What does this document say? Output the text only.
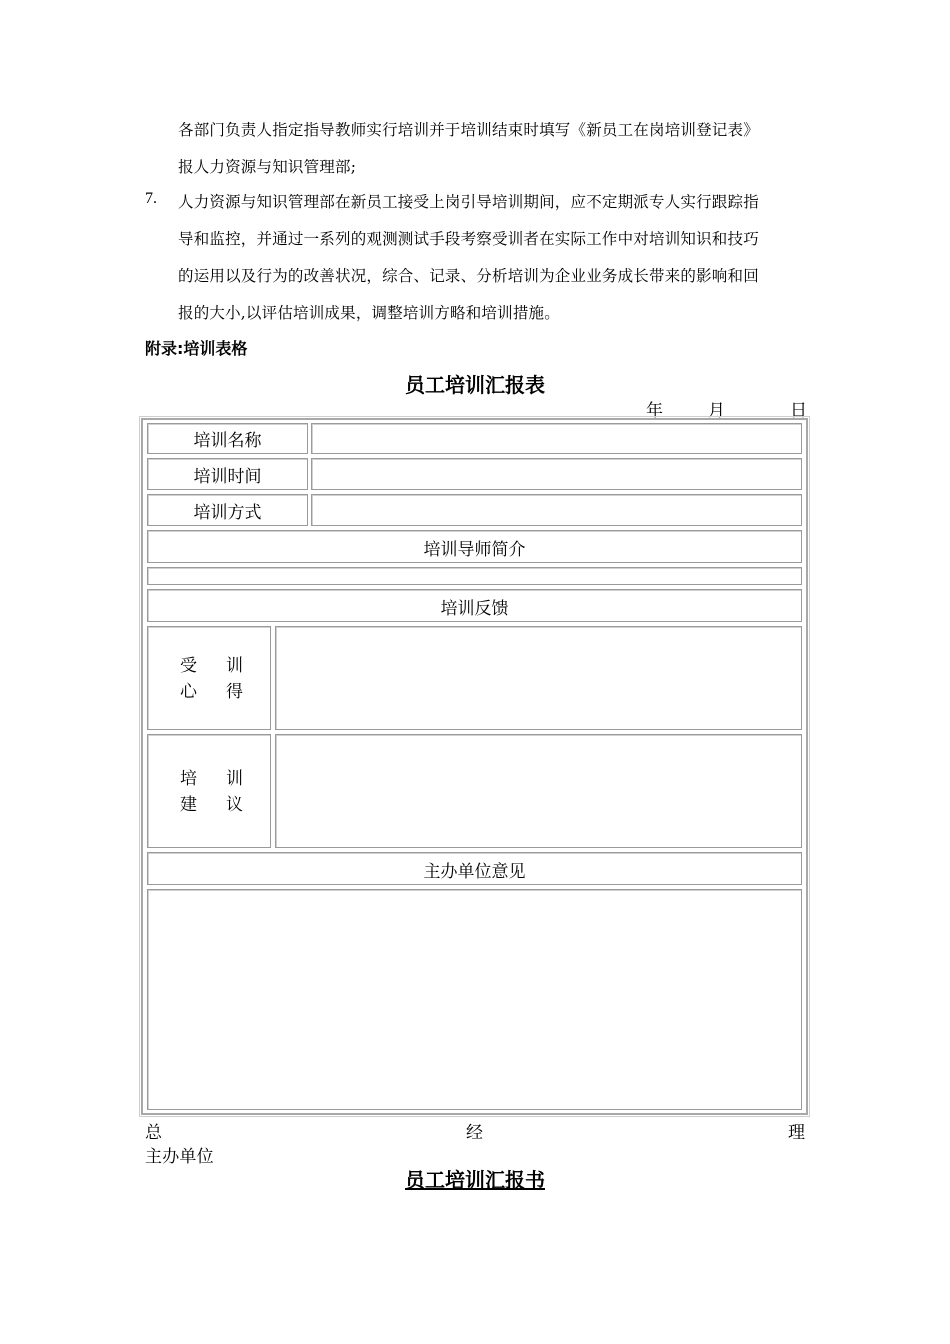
各部门负责人指定指导教师实行培训并于培训结束时填写《新员工在岗培训登记表》
报人力资源与知识管理部;
7. 人力资源与知识管理部在新员工接受上岗引导培训期间，应不定期派专人实行跟踪指
导和监控，并通过一系列的观测测试手段考察受训者在实际工作中对培训知识和技巧
的运用以及行为的改善状况，综合、记录、分析培训为企业业务成长带来的影响和回
报的大小,以评估培训成果，调整培训方略和培训措施。
附录:培训表格
员工培训汇报表
年	月	日
培训名称
培训时间
培训方式
培训导师简介
培训反馈
受 训
心 得
培 训
建 议
主办单位意见
总	经	理
主办单位
员工培训汇报书
